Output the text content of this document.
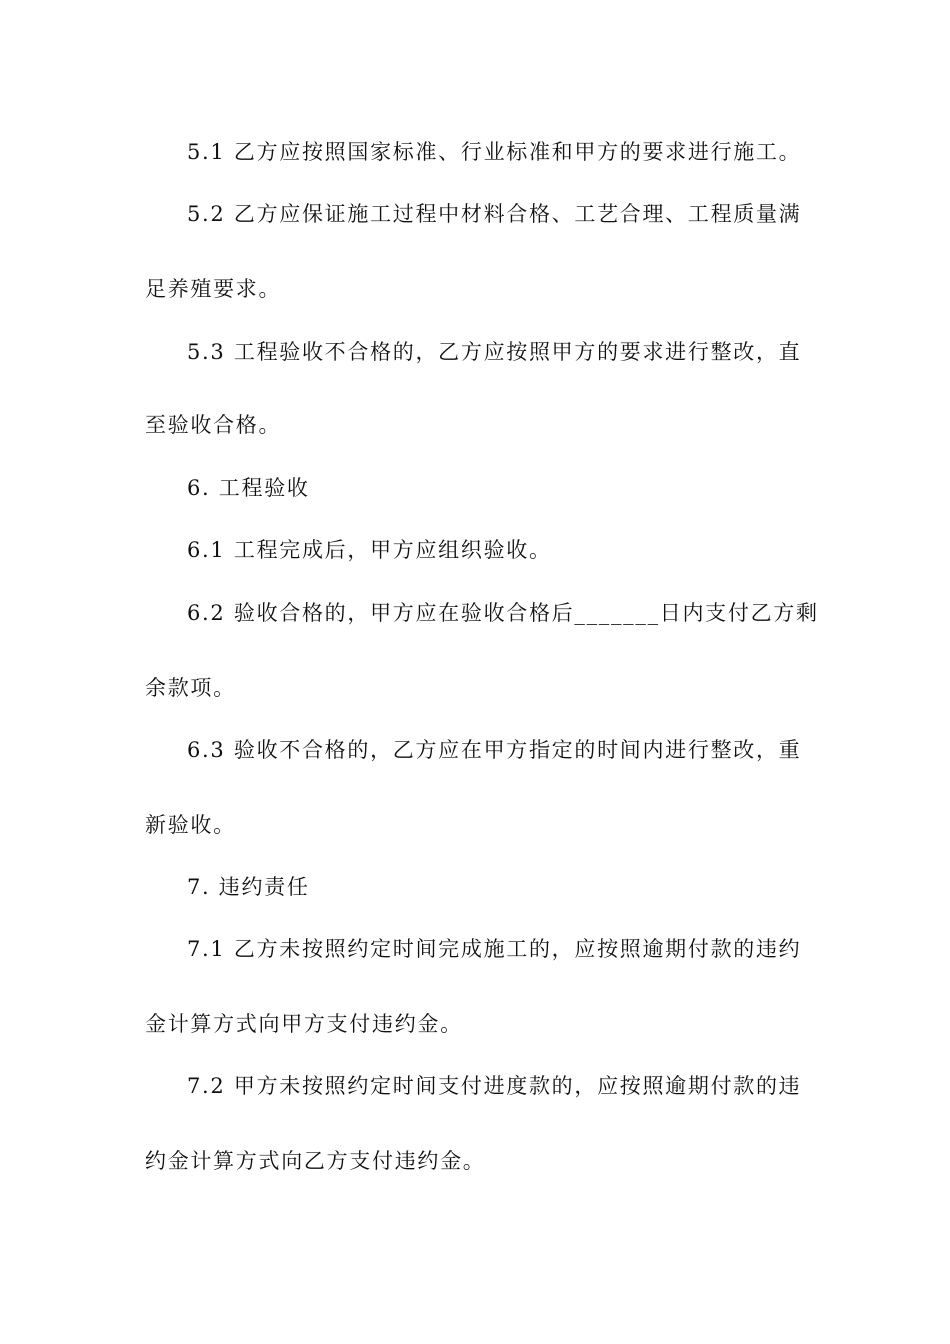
5.1 乙方应按照国家标准、行业标准和甲方的要求进行施工。
5.2 乙方应保证施工过程中材料合格、工艺合理、工程质量满
足养殖要求。
5.3 工程验收不合格的，乙方应按照甲方的要求进行整改，直
至验收合格。
6. 工程验收
6.1 工程完成后，甲方应组织验收。
6.2 验收合格的，甲方应在验收合格后_______日内支付乙方剩
余款项。
6.3 验收不合格的，乙方应在甲方指定的时间内进行整改，重
新验收。
7. 违约责任
7.1 乙方未按照约定时间完成施工的，应按照逾期付款的违约
金计算方式向甲方支付违约金。
7.2 甲方未按照约定时间支付进度款的，应按照逾期付款的违
约金计算方式向乙方支付违约金。
